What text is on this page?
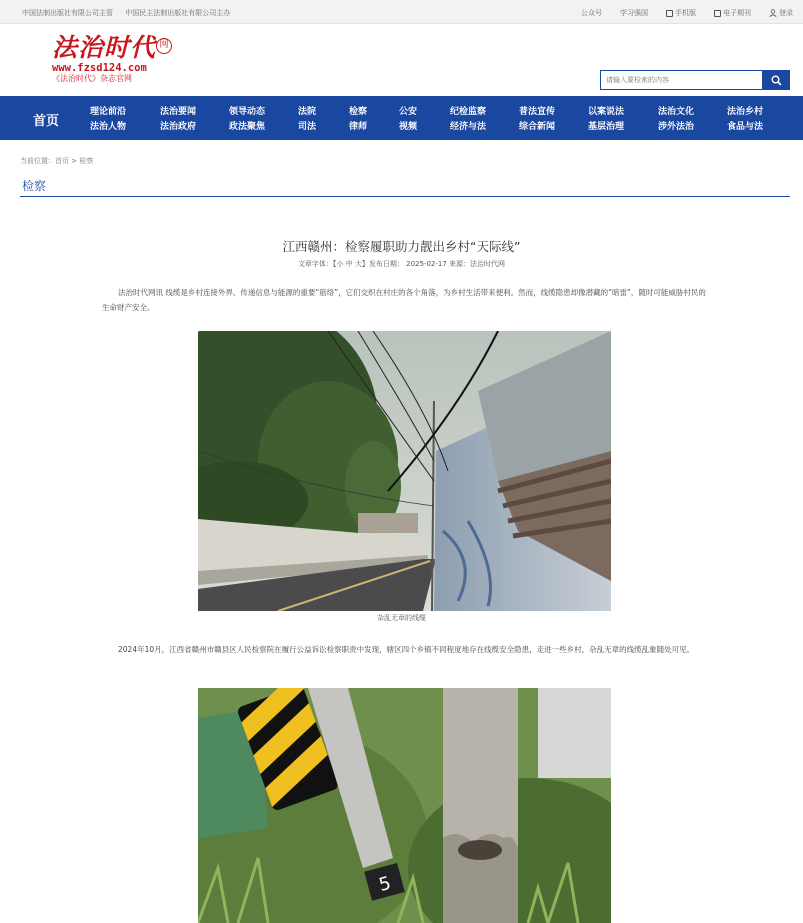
中国法制出版社有限公司主管 中国民主法制出版社有限公司主办	公众号	学习强国	手机版	电子期刊	登录
法治时代 网
www.fzsd124.com
《法治时代》杂志官网
请输入要检索的内容
首页
理论前沿
法治人物
法治要闻
法治政府
领导动态
政法聚焦
法院
司法
检察
律师
公安
视频
纪检监察
经济与法
普法宣传
综合新闻
以案说法
基层治理
法治文化
涉外法治
法治乡村
食品与法
当前位置：首页 > 检察
检察
江西赣州：检察履职助力靓出乡村“天际线”
文章字体：【小 中 大】发布日期： 2025-02-17 来源：法治时代网
法治时代网讯 线缆是乡村连接外界、传递信息与能源的重要“筋络”，它们交织在村庄的各个角落，为乡村生活带来便利。然而，线缆隐患却像潜藏的“暗雷”，随时可能威胁村民的生命财产安全。
杂乱无章的线缆
2024年10月，江西省赣州市赣县区人民检察院在履行公益诉讼检察职责中发现，辖区四个乡镇不同程度地存在线缆安全隐患，走进一些乡村，杂乱无章的线缆乱象随处可见。
5
